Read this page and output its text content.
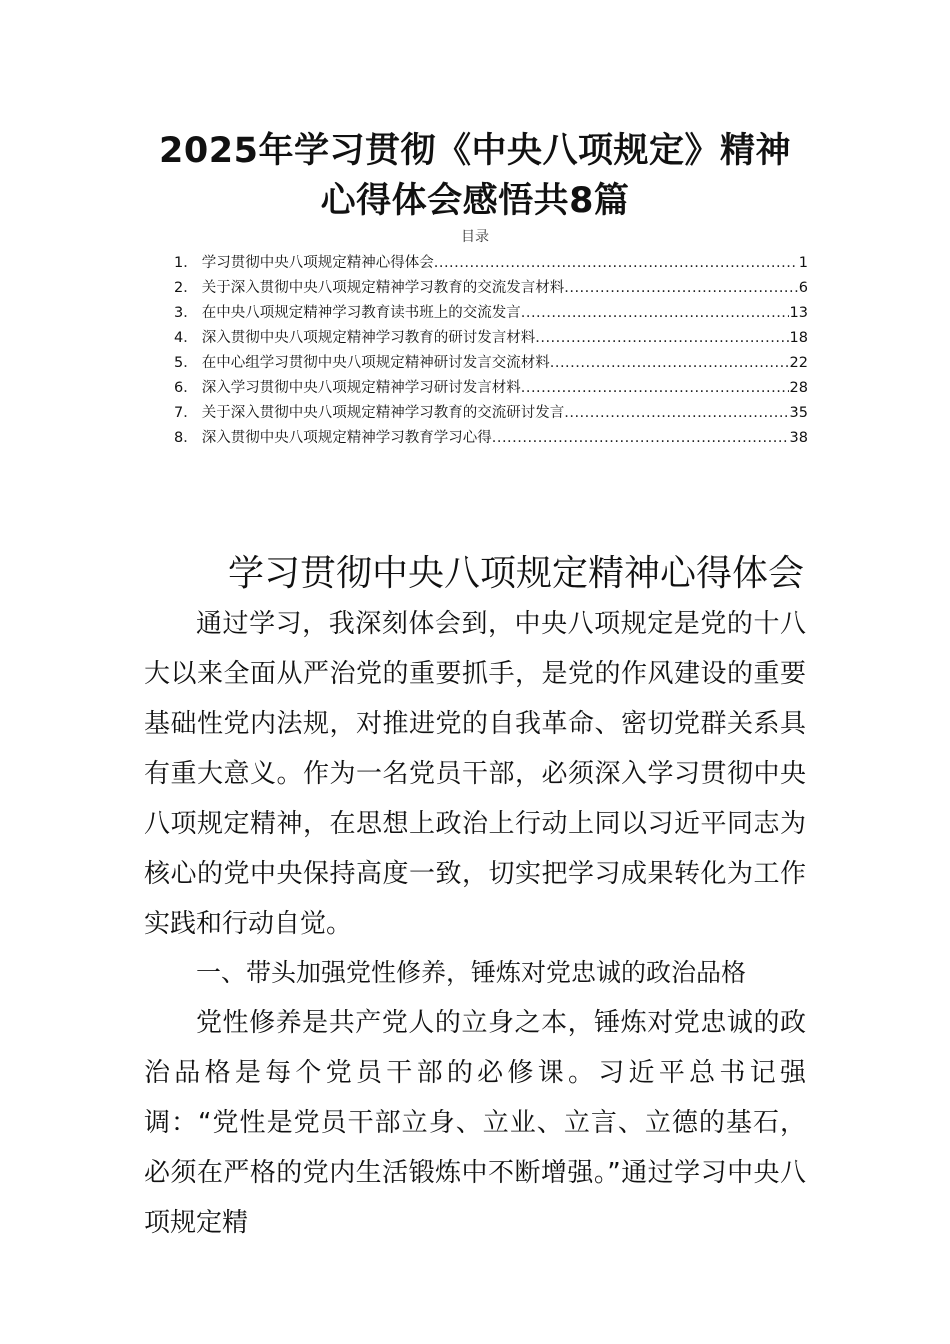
2025年学习贯彻《中央八项规定》精神
心得体会感悟共8篇
目录
1． 学习贯彻中央八项规定精神心得体会 .....	1
2． 关于深入贯彻中央八项规定精神学习教育的交流发言材料 .....	6
3． 在中央八项规定精神学习教育读书班上的交流发言 .....	13
4． 深入贯彻中央八项规定精神学习教育的研讨发言材料 .....	18
5． 在中心组学习贯彻中央八项规定精神研讨发言交流材料 .....	22
6． 深入学习贯彻中央八项规定精神学习研讨发言材料 .....	28
7． 关于深入贯彻中央八项规定精神学习教育的交流研讨发言 .....	35
8． 深入贯彻中央八项规定精神学习教育学习心得 .....	38
学习贯彻中央八项规定精神心得体会

通过学习，我深刻体会到，中央八项规定是党的十八大以来全面从严治党的重要抓手，是党的作风建设的重要基础性党内法规，对推进党的自我革命、密切党群关系具有重大意义。作为一名党员干部，必须深入学习贯彻中央八项规定精神，在思想上政治上行动上同以习近平同志为核心的党中央保持高度一致，切实把学习成果转化为工作实践和行动自觉。

一、带头加强党性修养，锤炼对党忠诚的政治品格

党性修养是共产党人的立身之本，锤炼对党忠诚的政治品格是每个党员干部的必修课。习近平总书记强调：“党性是党员干部立身、立业、立言、立德的基石，必须在严格的党内生活锻炼中不断增强。”通过学习中央八项规定精
